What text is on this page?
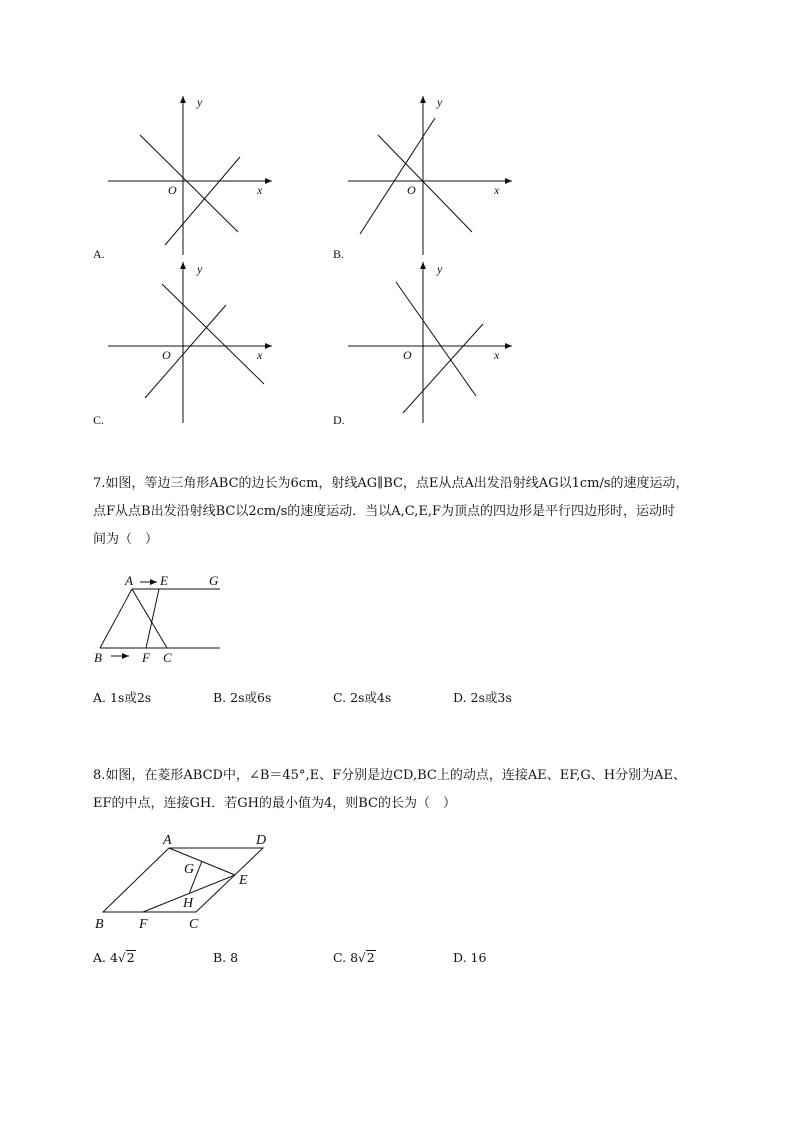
y
x
O
y
x
O
y
x
O
y
x
O
A.	B.
C.	D.
7.如图，等边三角形ABC的边长为6cm，射线AG∥BC，点E从点A出发沿射线AG以1cm/s的速度运动，
点F从点B出发沿射线BC以2cm/s的速度运动．当以A,C,E,F为顶点的四边形是平行四边形时，运动时
间为（　）
A E	G
B	F C
A. 1s或2s	B. 2s或6s	C. 2s或4s	D. 2s或3s
8.如图，在菱形ABCD中，∠B＝45°,E、F分别是边CD,BC上的动点，连接AE、EF,G、H分别为AE、
EF的中点，连接GH．若GH的最小值为4，则BC的长为（　）
A	D
G
E
H
B	F	C
A. 4√2	B. 8	C. 8√2	D. 16
